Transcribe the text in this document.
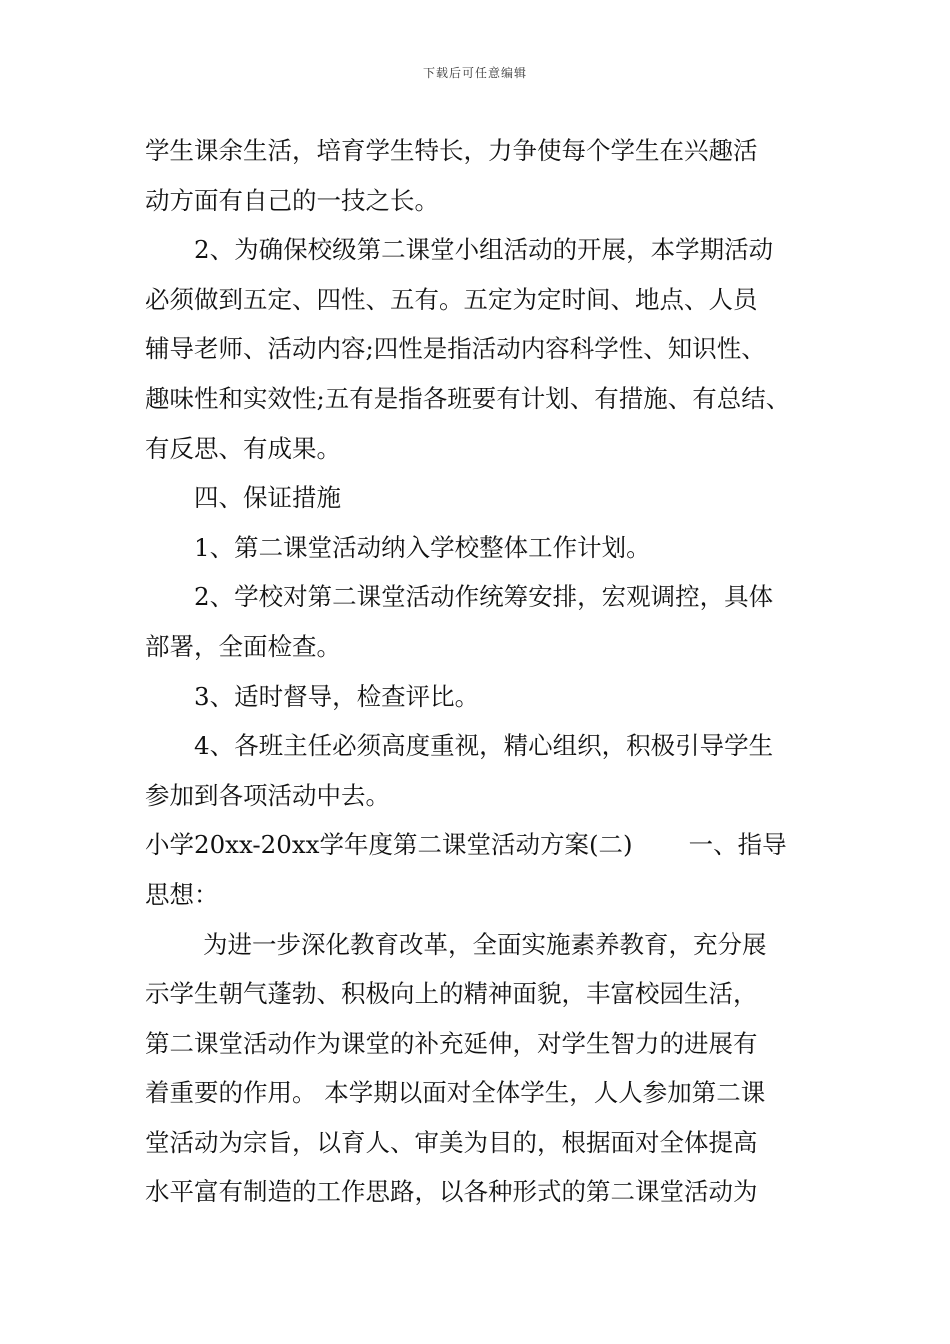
下载后可任意编辑
学生课余生活，培育学生特长，力争使每个学生在兴趣活
动方面有自己的一技之长。
2、为确保校级第二课堂小组活动的开展，本学期活动
必须做到五定、四性、五有。五定为定时间、地点、人员
辅导老师、活动内容;四性是指活动内容科学性、知识性、
趣味性和实效性;五有是指各班要有计划、有措施、有总结、
有反思、有成果。
四、保证措施
1、第二课堂活动纳入学校整体工作计划。
2、学校对第二课堂活动作统筹安排，宏观调控，具体
部署，全面检查。
3、适时督导，检查评比。
4、各班主任必须高度重视，精心组织，积极引导学生
参加到各项活动中去。
小学20xx-20xx学年度第二课堂活动方案(二) 一、指导
思想：
为进一步深化教育改革，全面实施素养教育，充分展
示学生朝气蓬勃、积极向上的精神面貌，丰富校园生活，
第二课堂活动作为课堂的补充延伸，对学生智力的进展有
着重要的作用。 本学期以面对全体学生，人人参加第二课
堂活动为宗旨，以育人、审美为目的，根据面对全体提高
水平富有制造的工作思路，以各种形式的第二课堂活动为
